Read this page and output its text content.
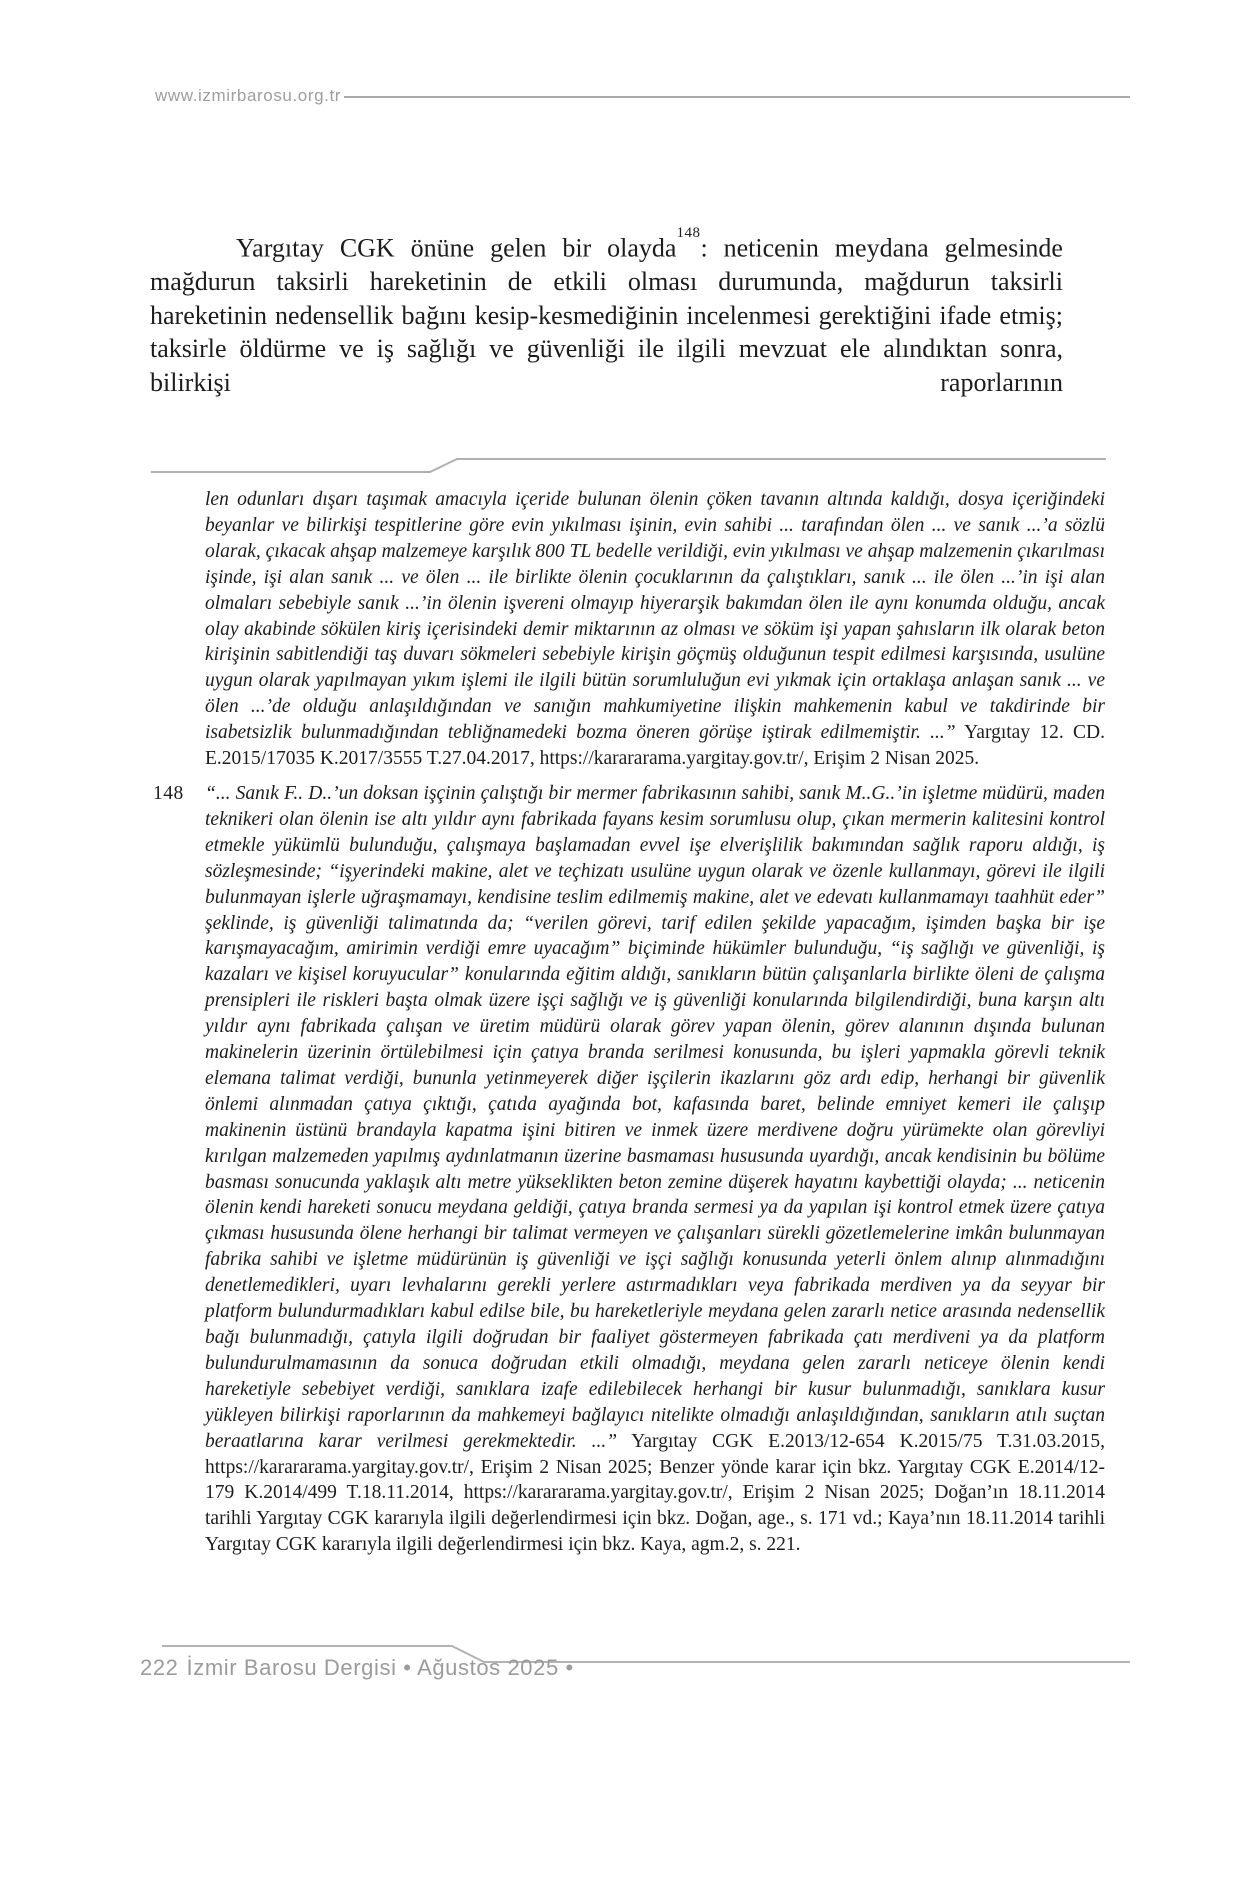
www.izmirbarosu.org.tr

Yargıtay CGK önüne gelen bir olayda$^{148}$: neticenin meydana gelmesinde mağdurun taksirli hareketinin de etkili olması durumunda, mağdurun taksirli hareketinin nedensellik bağını kesip-kesmediğinin incelenmesi gerektiğini ifade etmiş; taksirle öldürme ve iş sağlığı ve güvenliği ile ilgili mevzuat ele alındıktan sonra, bilirkişi raporlarının

len odunları dışarı taşımak amacıyla içeride bulunan ölenin çöken tavanın altında kaldığı, dosya içeriğindeki beyanlar ve bilirkişi tespitlerine göre evin yıkılması işinin, evin sahibi ... tarafından ölen ... ve sanık ...’a sözlü olarak, çıkacak ahşap malzemeye karşılık 800 TL bedelle verildiği, evin yıkılması ve ahşap malzemenin çıkarılması işinde, işi alan sanık ... ve ölen ... ile birlikte ölenin çocuklarının da çalıştıkları, sanık ... ile ölen ...’in işi alan olmaları sebebiyle sanık ...’in ölenin işvereni olmayıp hiyerarşik bakımdan ölen ile aynı konumda olduğu, ancak olay akabinde sökülen kiriş içerisindeki demir miktarının az olması ve söküm işi yapan şahısların ilk olarak beton kirişinin sabitlendiği taş duvarı sökmeleri sebebiyle kirişin göçmüş olduğunun tespit edilmesi karşısında, usulüne uygun olarak yapılmayan yıkım işlemi ile ilgili bütün sorumluluğun evi yıkmak için ortaklaşa anlaşan sanık ... ve ölen ...’de olduğu anlaşıldığından ve sanığın mahkumiyetine ilişkin mahkemenin kabul ve takdirinde bir isabetsizlik bulunmadığından tebliğnamedeki bozma öneren görüşe iştirak edilmemiştir. ...” Yargıtay 12. CD. E.2015/17035 K.2017/3555 T.27.04.2017, https://karararama.yargitay.gov.tr/, Erişim 2 Nisan 2025.
148 “... Sanık F.. D..’un doksan işçinin çalıştığı bir mermer fabrikasının sahibi, sanık M..G..’in işletme müdürü, maden teknikeri olan ölenin ise altı yıldır aynı fabrikada fayans kesim sorumlusu olup, çıkan mermerin kalitesini kontrol etmekle yükümlü bulunduğu, çalışmaya başlamadan evvel işe elverişlilik bakımından sağlık raporu aldığı, iş sözleşmesinde; “işyerindeki makine, alet ve teçhizatı usulüne uygun olarak ve özenle kullanmayı, görevi ile ilgili bulunmayan işlerle uğraşmamayı, kendisine teslim edilmemiş makine, alet ve edevatı kullanmamayı taahhüt eder” şeklinde, iş güvenliği talimatında da; “verilen görevi, tarif edilen şekilde yapacağım, işimden başka bir işe karışmayacağım, amirimin verdiği emre uyacağım” biçiminde hükümler bulunduğu, “iş sağlığı ve güvenliği, iş kazaları ve kişisel koruyucular” konularında eğitim aldığı, sanıkların bütün çalışanlarla birlikte öleni de çalışma prensipleri ile riskleri başta olmak üzere işçi sağlığı ve iş güvenliği konularında bilgilendirdiği, buna karşın altı yıldır aynı fabrikada çalışan ve üretim müdürü olarak görev yapan ölenin, görev alanının dışında bulunan makinelerin üzerinin örtülebilmesi için çatıya branda serilmesi konusunda, bu işleri yapmakla görevli teknik elemana talimat verdiği, bununla yetinmeyerek diğer işçilerin ikazlarını göz ardı edip, herhangi bir güvenlik önlemi alınmadan çatıya çıktığı, çatıda ayağında bot, kafasında baret, belinde emniyet kemeri ile çalışıp makinenin üstünü brandayla kapatma işini bitiren ve inmek üzere merdivene doğru yürümekte olan görevliyi kırılgan malzemeden yapılmış aydınlatmanın üzerine basmaması hususunda uyardığı, ancak kendisinin bu bölüme basması sonucunda yaklaşık altı metre yükseklikten beton zemine düşerek hayatını kaybettiği olayda; ... neticenin ölenin kendi hareketi sonucu meydana geldiği, çatıya branda sermesi ya da yapılan işi kontrol etmek üzere çatıya çıkması hususunda ölene herhangi bir talimat vermeyen ve çalışanları sürekli gözetlemelerine imkân bulunmayan fabrika sahibi ve işletme müdürünün iş güvenliği ve işçi sağlığı konusunda yeterli önlem alınıp alınmadığını denetlemedikleri, uyarı levhalarını gerekli yerlere astırmadıkları veya fabrikada merdiven ya da seyyar bir platform bulundurmadıkları kabul edilse bile, bu hareketleriyle meydana gelen zararlı netice arasında nedensellik bağı bulunmadığı, çatıyla ilgili doğrudan bir faaliyet göstermeyen fabrikada çatı merdiveni ya da platform bulundurulmamasının da sonuca doğrudan etkili olmadığı, meydana gelen zararlı neticeye ölenin kendi hareketiyle sebebiyet verdiği, sanıklara izafe edilebilecek herhangi bir kusur bulunmadığı, sanıklara kusur yükleyen bilirkişi raporlarının da mahkemeyi bağlayıcı nitelikte olmadığı anlaşıldığından, sanıkların atılı suçtan beraatlarına karar verilmesi gerekmektedir. ...” Yargıtay CGK E.2013/12-654 K.2015/75 T.31.03.2015, https://karararama.yargitay.gov.tr/, Erişim 2 Nisan 2025; Benzer yönde karar için bkz. Yargıtay CGK E.2014/12-179 K.2014/499 T.18.11.2014, https://karararama.yargitay.gov.tr/, Erişim 2 Nisan 2025; Doğan’ın 18.11.2014 tarihli Yargıtay CGK kararıyla ilgili değerlendirmesi için bkz. Doğan, age., s. 171 vd.; Kaya’nın 18.11.2014 tarihli Yargıtay CGK kararıyla ilgili değerlendirmesi için bkz. Kaya, agm.2, s. 221.
222 İzmir Barosu Dergisi • Ağustos 2025 •
